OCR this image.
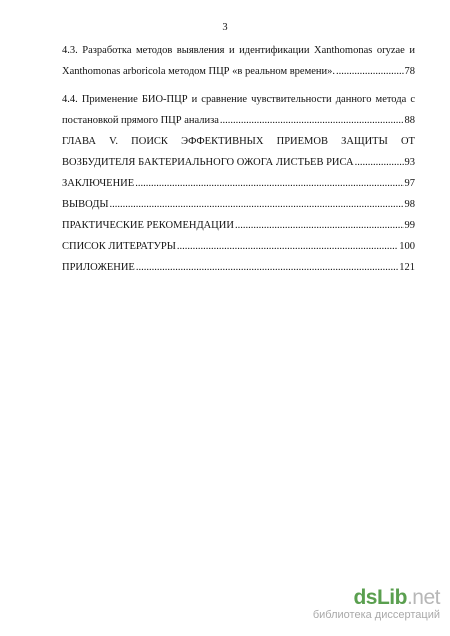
3
4.3. Разработка методов выявления и идентификации Xanthomonas oryzae и
Xanthomonas arboricola методом ПЦР «в реальном времени». .....	78
4.4. Применение БИО-ПЦР и сравнение чувствительности данного метода с
постановкой прямого ПЦР анализа .....	88
ГЛАВА V. ПОИСК ЭФФЕКТИВНЫХ ПРИЕМОВ ЗАЩИТЫ ОТ
ВОЗБУДИТЕЛЯ БАКТЕРИАЛЬНОГО ОЖОГА ЛИСТЬЕВ РИСА .....	93
ЗАКЛЮЧЕНИЕ .....	97
ВЫВОДЫ .....	98
ПРАКТИЧЕСКИЕ РЕКОМЕНДАЦИИ .....	99
СПИСОК ЛИТЕРАТУРЫ .....	100
ПРИЛОЖЕНИЕ .....	121
dsLib.net
библиотека диссертаций
